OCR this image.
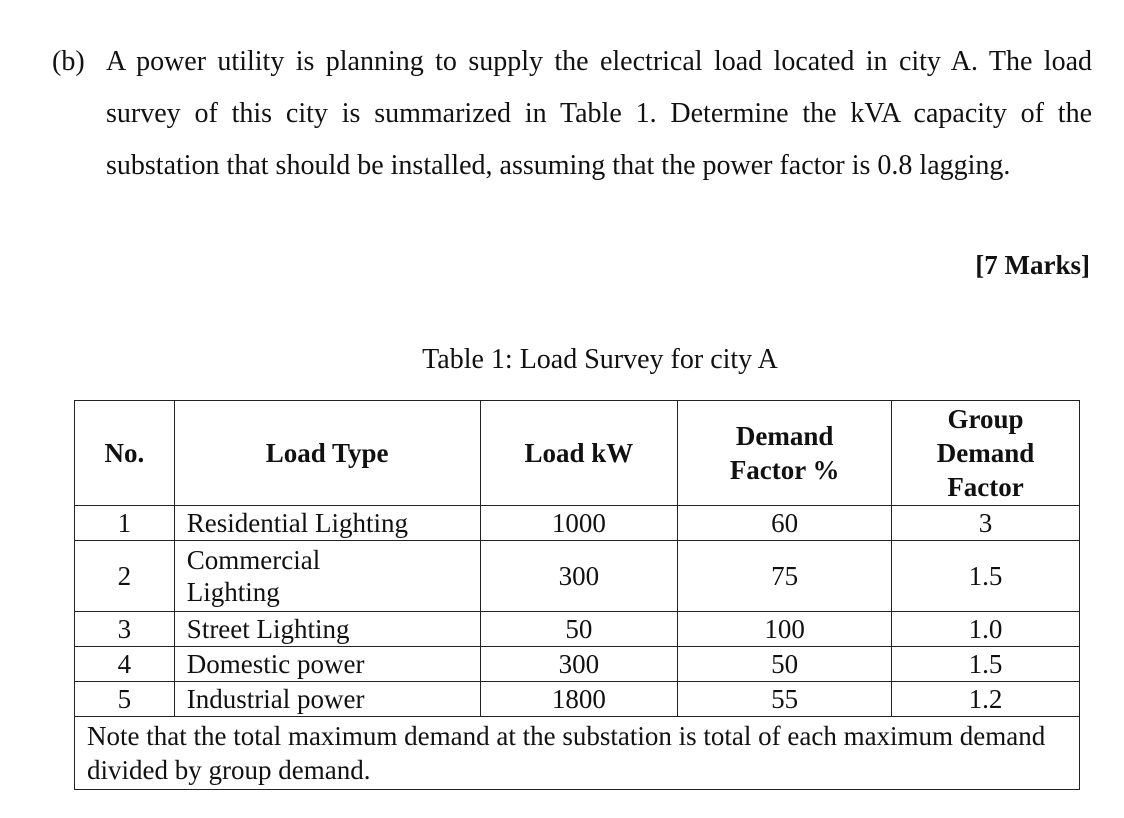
(b) A power utility is planning to supply the electrical load located in city A. The load survey of this city is summarized in Table 1. Determine the kVA capacity of the substation that should be installed, assuming that the power factor is 0.8 lagging.
[7 Marks]
Table 1: Load Survey for city A
No.	Load Type	Load kW	Demand Factor %	Group Demand Factor
1	Residential Lighting	1000	60	3
2	Commercial Lighting	300	75	1.5
3	Street Lighting	50	100	1.0
4	Domestic power	300	50	1.5
5	Industrial power	1800	55	1.2
Note that the total maximum demand at the substation is total of each maximum demand divided by group demand.				
